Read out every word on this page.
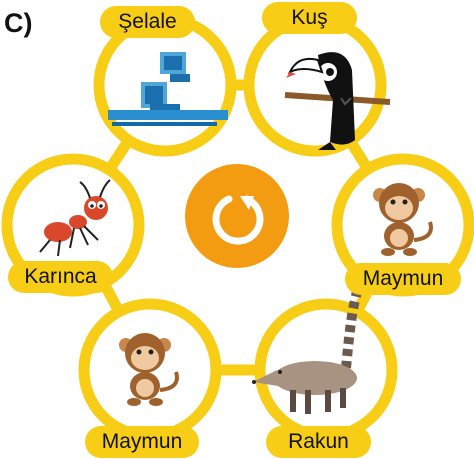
C)	Şelale	Kuş
Maymun
Rakun
Maymun
Karınca
